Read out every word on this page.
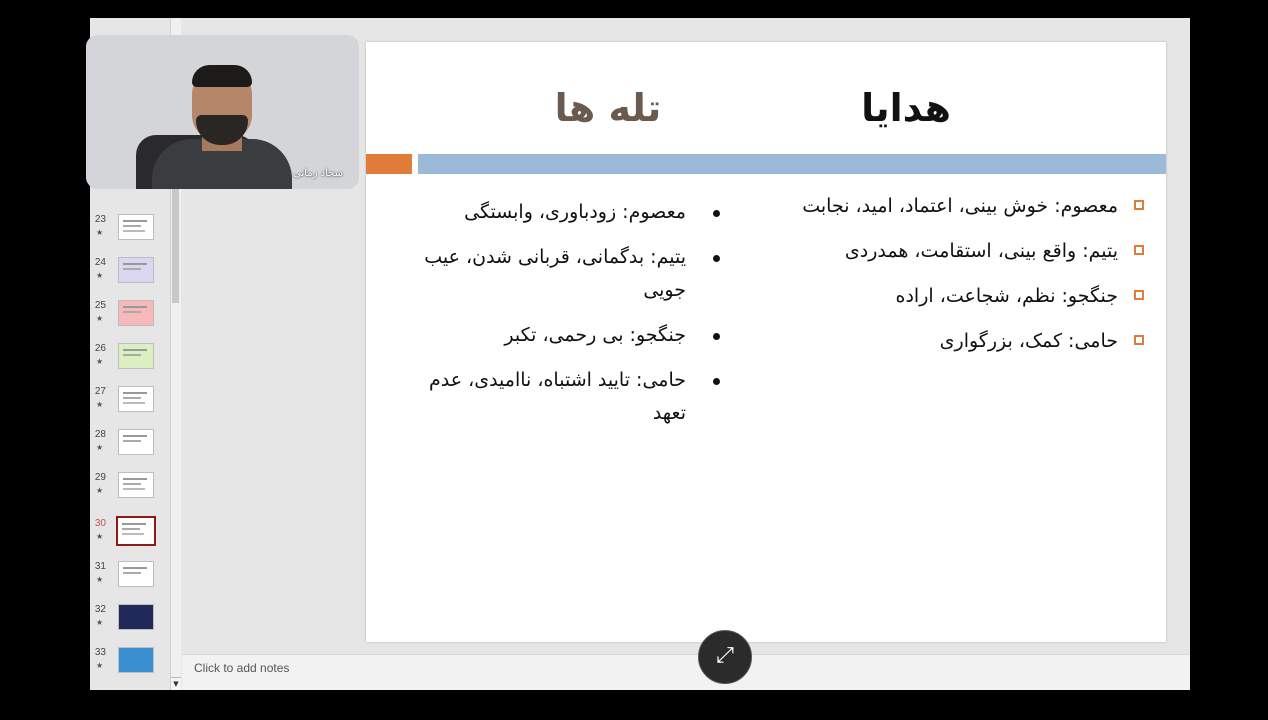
23
★
24
★
25
★
26
★
27
★
28
★
29
★
30
★
31
★
32
★
33
★
▼
هدایا
تله ها
معصوم: خوش بینی، اعتماد، امید، نجابت
یتیم: واقع بینی، استقامت، همدردی
جنگجو: نظم، شجاعت، اراده
حامی: کمک، بزرگواری
معصوم: زودباوری، وابستگی
یتیم: بدگمانی، قربانی شدن، عیب جویی
جنگجو: بی رحمی، تکبر
حامی: تایید اشتباه، ناامیدی، عدم تعهد
Click to add notes
سجاد زمانی
⤢
